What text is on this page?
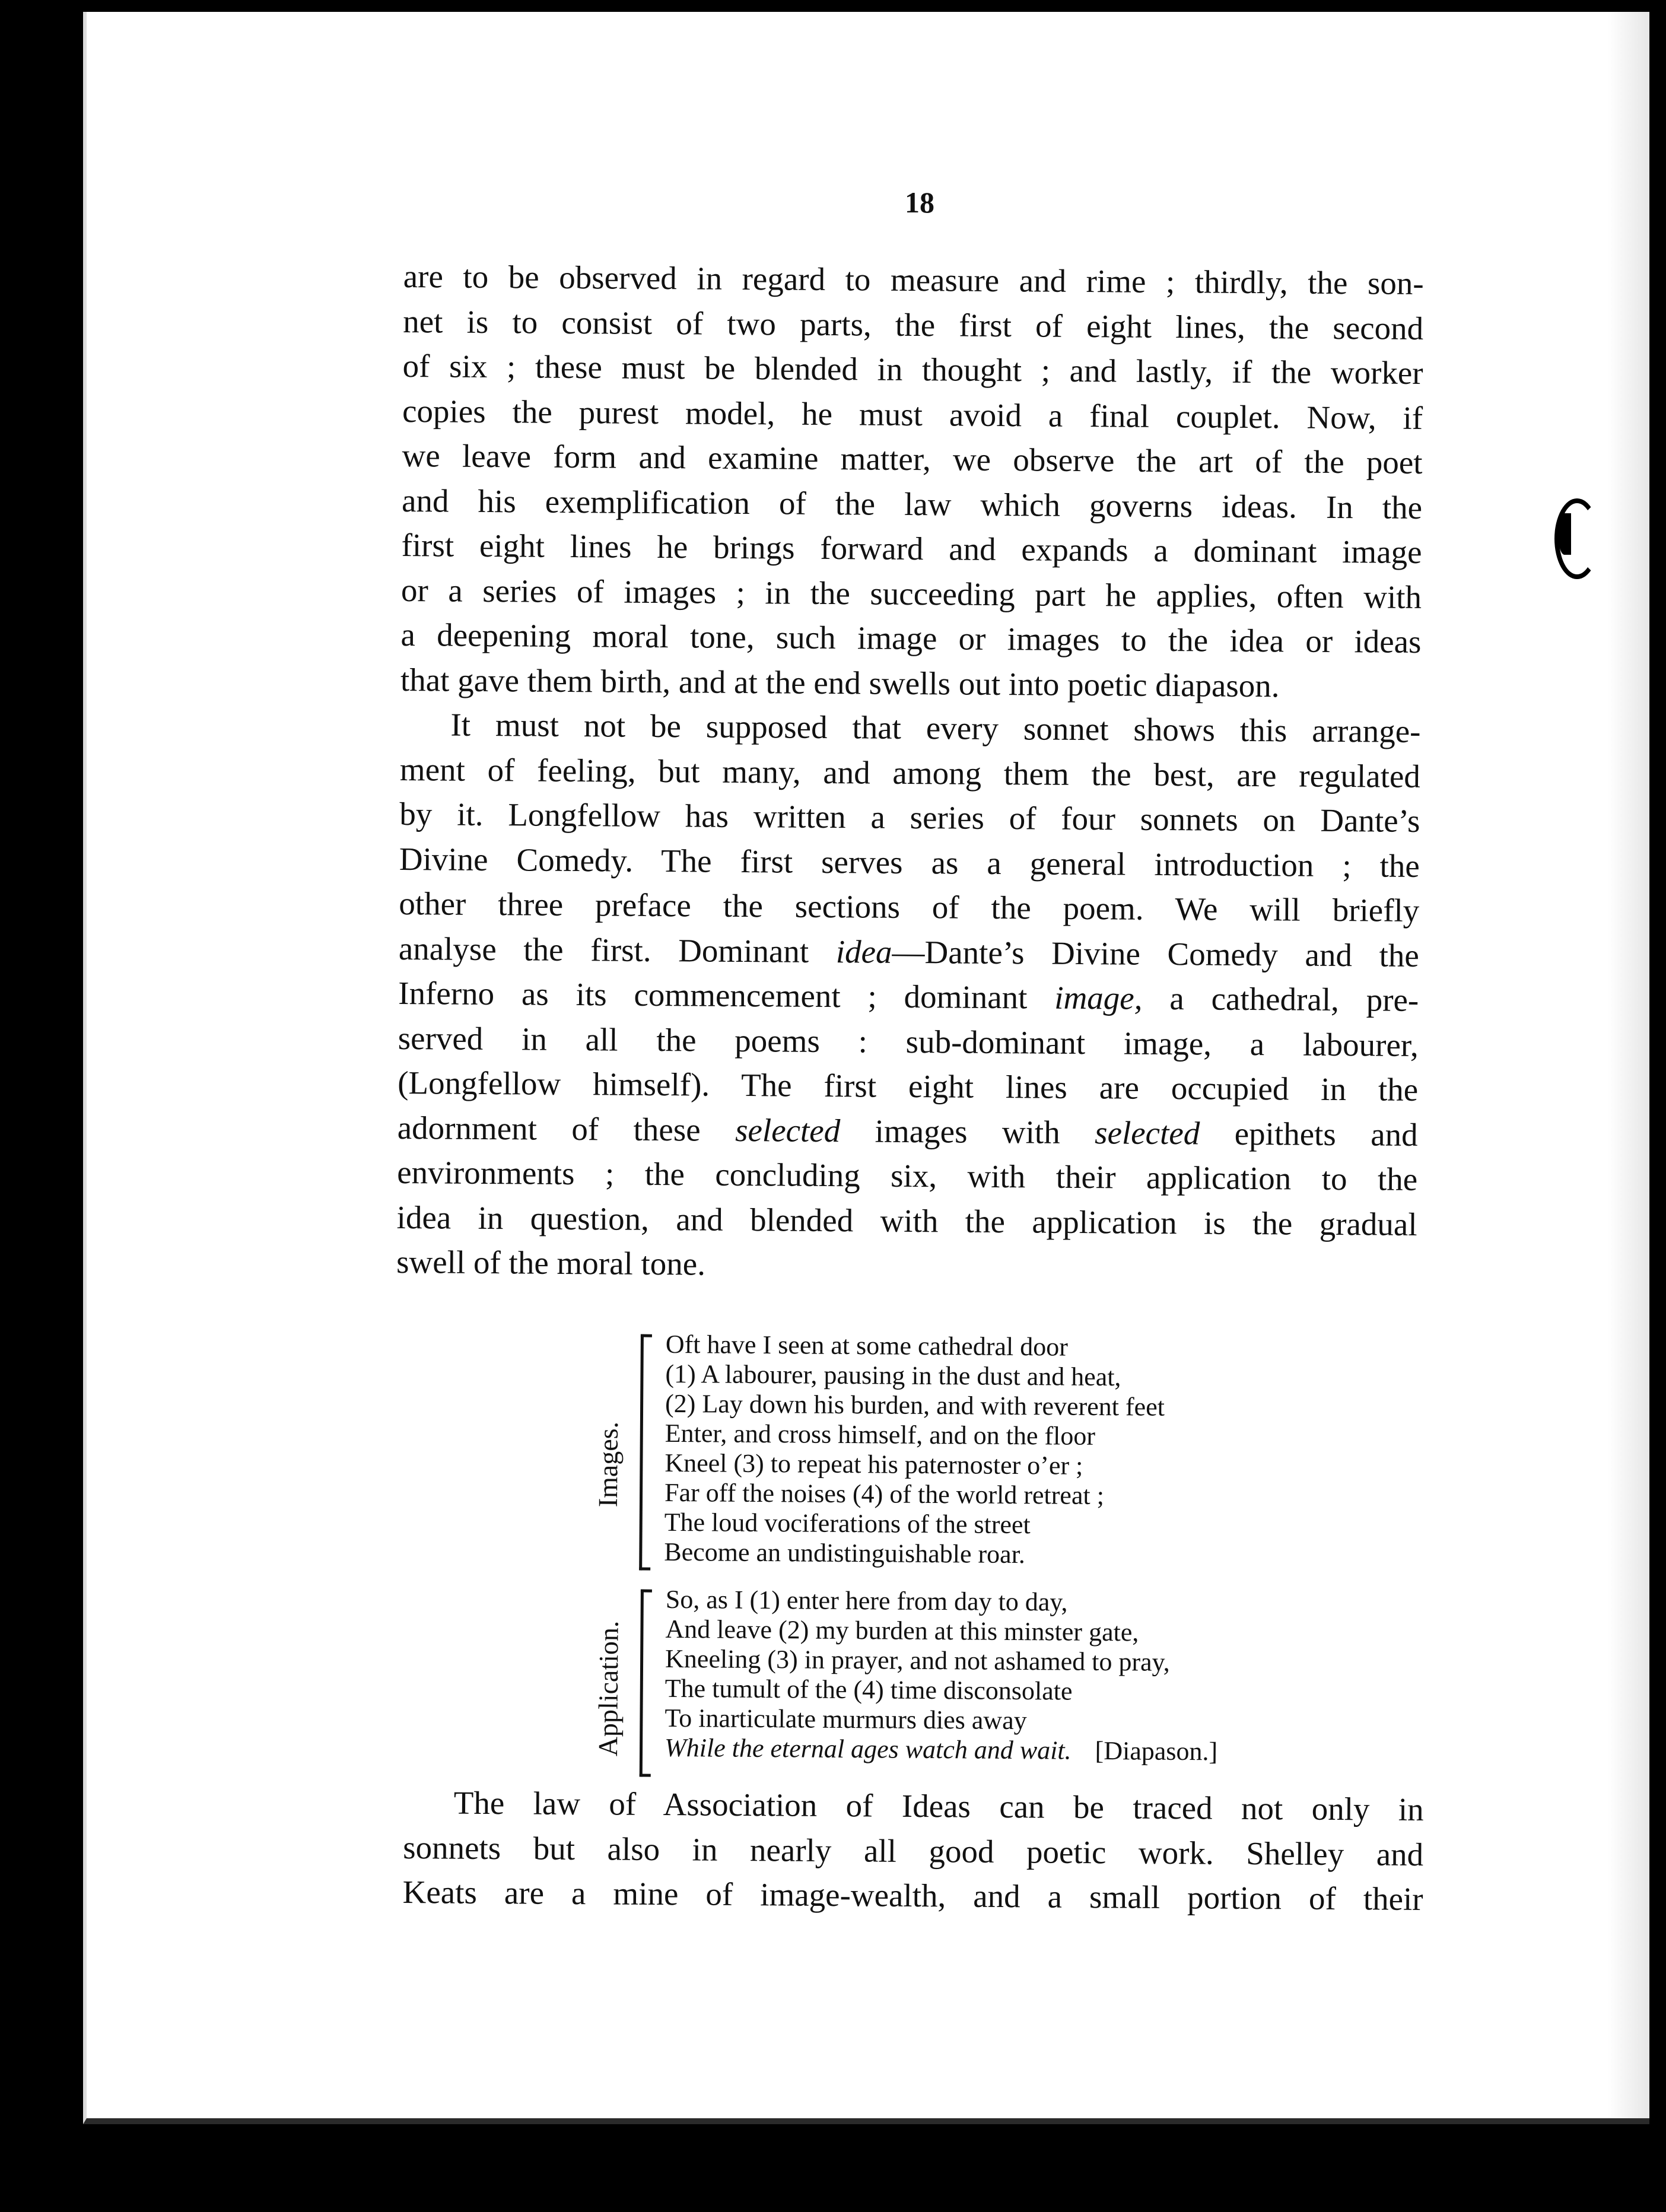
18
are to be observed in regard to measure and rime ; thirdly, the son-
net is to consist of two parts, the first of eight lines, the second
of six ; these must be blended in thought ; and lastly, if the worker
copies the purest model, he must avoid a final couplet. Now, if
we leave form and examine matter, we observe the art of the poet
and his exemplification of the law which governs ideas. In the
first eight lines he brings forward and expands a dominant image
or a series of images ; in the succeeding part he applies, often with
a deepening moral tone, such image or images to the idea or ideas
that gave them birth, and at the end swells out into poetic diapason.
It must not be supposed that every sonnet shows this arrange-
ment of feeling, but many, and among them the best, are regulated
by it. Longfellow has written a series of four sonnets on Dante’s
Divine Comedy. The first serves as a general introduction ; the
other three preface the sections of the poem. We will briefly
analyse the first. Dominant idea—Dante’s Divine Comedy and the
Inferno as its commencement ; dominant image, a cathedral, pre-
served in all the poems : sub-dominant image, a labourer,
(Longfellow himself). The first eight lines are occupied in the
adornment of these selected images with selected epithets and
environments ; the concluding six, with their application to the
idea in question, and blended with the application is the gradual
swell of the moral tone.
Images.
Oft have I seen at some cathedral door
(1) A labourer, pausing in the dust and heat,
(2) Lay down his burden, and with reverent feet
Enter, and cross himself, and on the floor
Kneel (3) to repeat his paternoster o’er ;
Far off the noises (4) of the world retreat ;
The loud vociferations of the street
Become an undistinguishable roar.
Application.
So, as I (1) enter here from day to day,
And leave (2) my burden at this minster gate,
Kneeling (3) in prayer, and not ashamed to pray,
The tumult of the (4) time disconsolate
To inarticulate murmurs dies away
While the eternal ages watch and wait. [Diapason.]
The law of Association of Ideas can be traced not only in
sonnets but also in nearly all good poetic work. Shelley and
Keats are a mine of image-wealth, and a small portion of their
